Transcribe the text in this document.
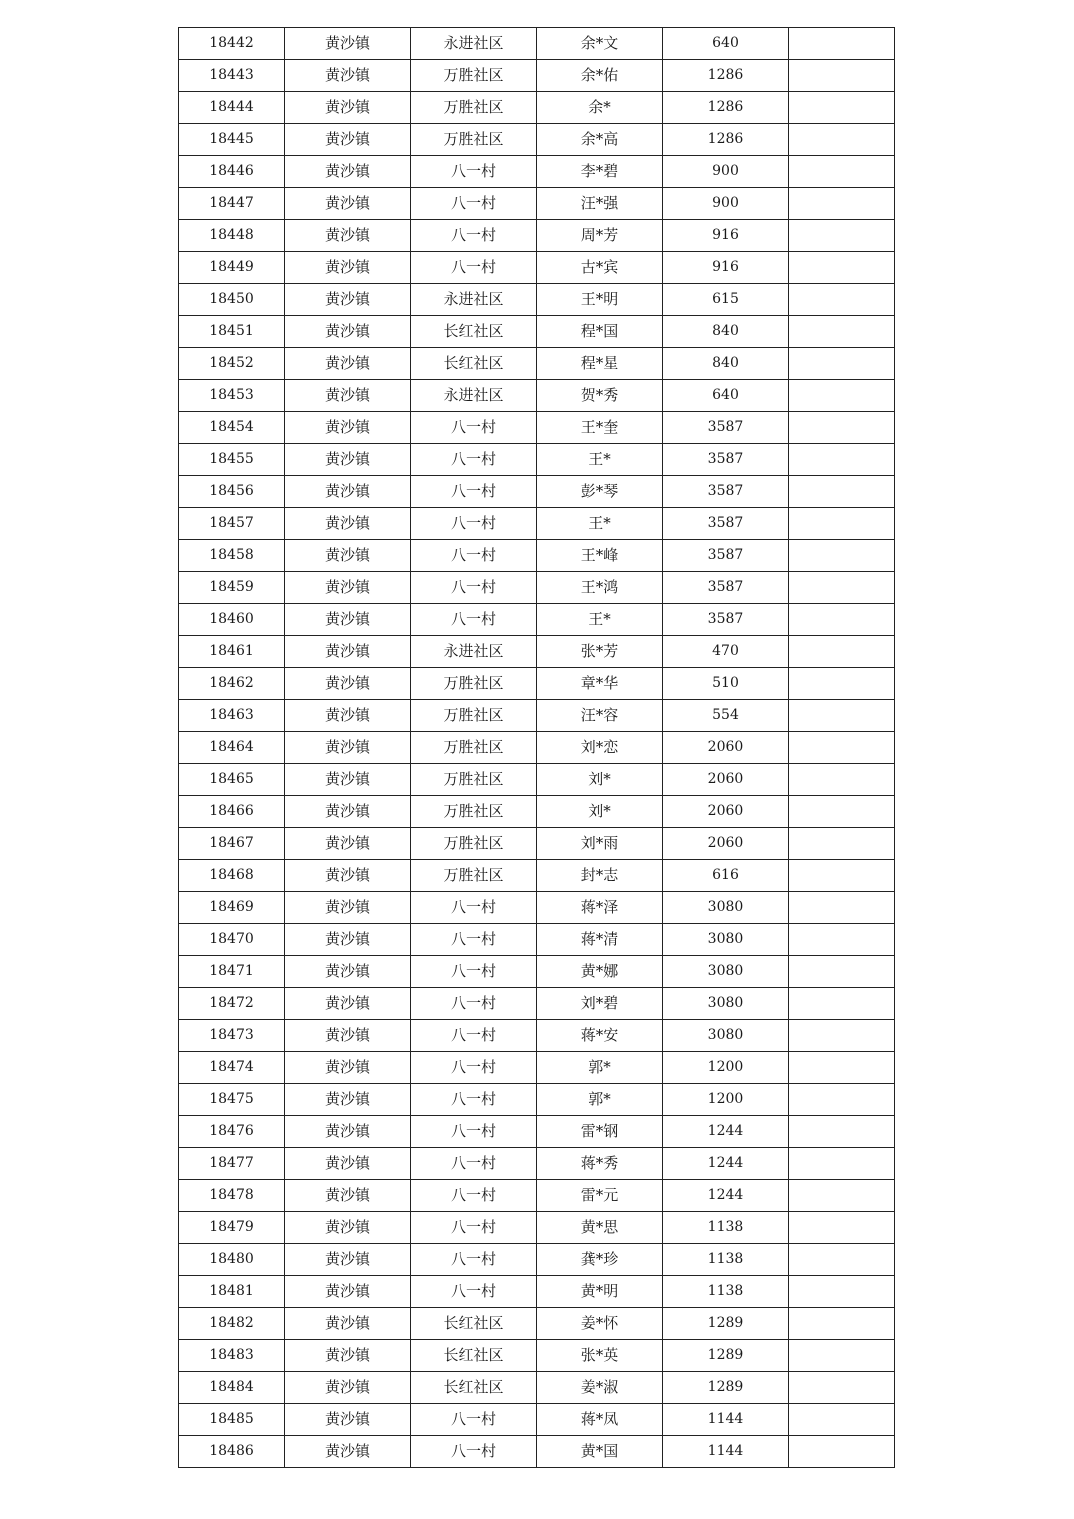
18442	黄沙镇	永进社区	余*文	640	
18443	黄沙镇	万胜社区	余*佑	1286	
18444	黄沙镇	万胜社区	余*	1286	
18445	黄沙镇	万胜社区	余*高	1286	
18446	黄沙镇	八一村	李*碧	900	
18447	黄沙镇	八一村	汪*强	900	
18448	黄沙镇	八一村	周*芳	916	
18449	黄沙镇	八一村	古*宾	916	
18450	黄沙镇	永进社区	王*明	615	
18451	黄沙镇	长红社区	程*国	840	
18452	黄沙镇	长红社区	程*星	840	
18453	黄沙镇	永进社区	贺*秀	640	
18454	黄沙镇	八一村	王*奎	3587	
18455	黄沙镇	八一村	王*	3587	
18456	黄沙镇	八一村	彭*琴	3587	
18457	黄沙镇	八一村	王*	3587	
18458	黄沙镇	八一村	王*峰	3587	
18459	黄沙镇	八一村	王*鸿	3587	
18460	黄沙镇	八一村	王*	3587	
18461	黄沙镇	永进社区	张*芳	470	
18462	黄沙镇	万胜社区	章*华	510	
18463	黄沙镇	万胜社区	汪*容	554	
18464	黄沙镇	万胜社区	刘*恋	2060	
18465	黄沙镇	万胜社区	刘*	2060	
18466	黄沙镇	万胜社区	刘*	2060	
18467	黄沙镇	万胜社区	刘*雨	2060	
18468	黄沙镇	万胜社区	封*志	616	
18469	黄沙镇	八一村	蒋*泽	3080	
18470	黄沙镇	八一村	蒋*清	3080	
18471	黄沙镇	八一村	黄*娜	3080	
18472	黄沙镇	八一村	刘*碧	3080	
18473	黄沙镇	八一村	蒋*安	3080	
18474	黄沙镇	八一村	郭*	1200	
18475	黄沙镇	八一村	郭*	1200	
18476	黄沙镇	八一村	雷*钢	1244	
18477	黄沙镇	八一村	蒋*秀	1244	
18478	黄沙镇	八一村	雷*元	1244	
18479	黄沙镇	八一村	黄*思	1138	
18480	黄沙镇	八一村	龚*珍	1138	
18481	黄沙镇	八一村	黄*明	1138	
18482	黄沙镇	长红社区	姜*怀	1289	
18483	黄沙镇	长红社区	张*英	1289	
18484	黄沙镇	长红社区	姜*淑	1289	
18485	黄沙镇	八一村	蒋*凤	1144	
18486	黄沙镇	八一村	黄*国	1144	
